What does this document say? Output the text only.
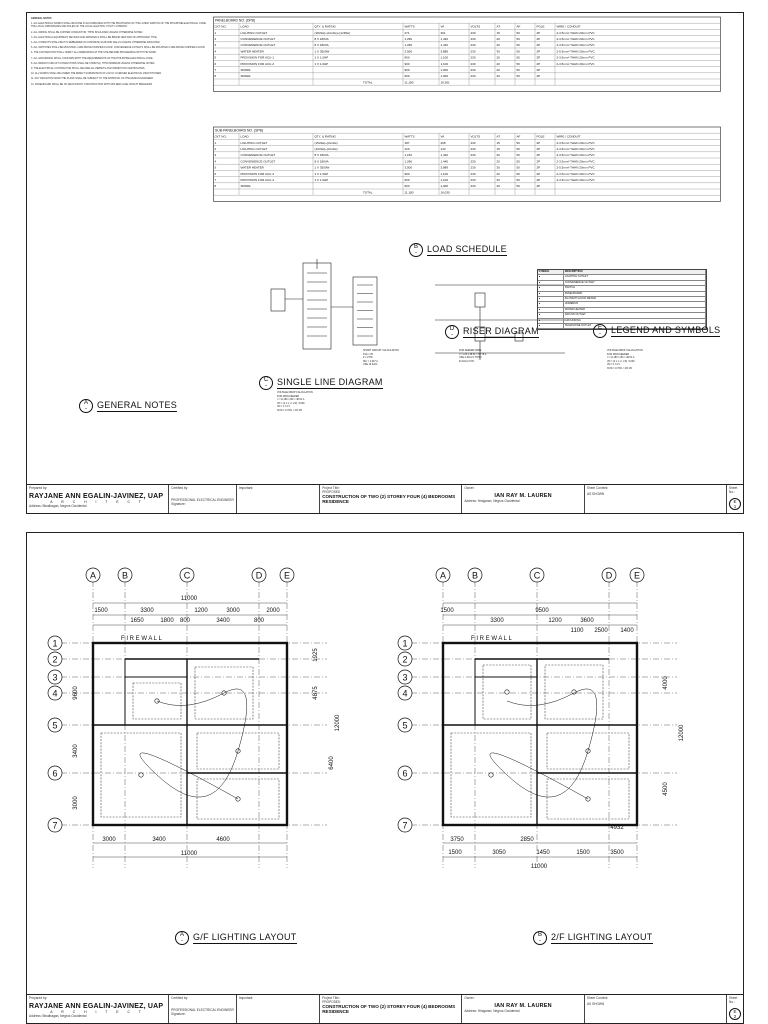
GENERAL NOTES

1. ALL ELECTRICAL WORKS SHALL BE DONE IN ACCORDANCE WITH THE PROVISIONS OF THE LATEST EDITION OF THE PHILIPPINE ELECTRICAL CODE, THE LOCAL ORDINANCES AND RULES OF THE LOCAL ELECTRIC UTILITY COMPANY.

2. ALL WIRING SHALL BE COPPER CONDUCTOR, THHN INSULATED UNLESS OTHERWISE NOTED.

3. ALL ELECTRICAL EQUIPMENT, DEVICES AND MATERIALS SHALL BE BRAND NEW AND OF APPROVED TYPE.

4. ALL CONDUITS SHALL BE PVC EMBEDDED IN CONCRETE SLAB AND WALLS UNLESS OTHERWISE INDICATED.

5. ALL SWITCHES SHALL BE MOUNTED 1.40M ABOVE FINISHED FLOOR. CONVENIENCE OUTLETS SHALL BE MOUNTED 0.30M ABOVE FINISHED FLOOR.

6. THE CONTRACTOR SHALL VERIFY ALL DIMENSIONS AT THE SITE BEFORE PROCEEDING WITH THE WORK.

7. ALL GROUNDING SHALL CONFORM WITH THE REQUIREMENTS OF THE PHILIPPINE ELECTRICAL CODE.

8. ALL BRANCH CIRCUIT CONDUCTORS SHALL BE 3.5MM SQ. THHN MINIMUM UNLESS OTHERWISE NOTED.

9. THE ELECTRICAL CONTRACTOR SHALL SECURE ALL PERMITS AND INSPECTION CERTIFICATES.

10. ALL WORKS SHALL BE UNDER THE DIRECT SUPERVISION OF A DULY LICENSED ELECTRICAL PRACTITIONER.

11. ANY DEVIATION FROM THE PLANS SHALL BE SUBJECT TO THE APPROVAL OF THE DESIGN ENGINEER.

12. PANELBOARD SHALL BE OF DEAD FRONT CONSTRUCTION WITH MOLDED CASE CIRCUIT BREAKERS.

A
- GENERAL NOTES
PANELBOARD NO. (DPB)
CKT NO.	LOAD	QTY. & RATING	WATTS	VA	VOLTS	AT	AF	POLE	WIRE / CONDUIT
1	LIGHTING OUTLET	(18x9w)+(4x13w)+(1x38w)	271	301	230	15	50	2P	2-3.5mm² THHN 20mm PVC
2	CONVENIENCE OUTLET	8 X 180VA	1,296	1,440	230	20	50	2P	2-3.5mm² THHN 20mm PVC
3	CONVENIENCE OUTLET	8 X 180VA	1,296	1,440	230	20	50	2P	2-3.5mm² THHN 20mm PVC
4	WATER HEATER	1 X 3500W	3,500	3,889	230	30	50	2P	2-5.5mm² THHN 20mm PVC
5	PROVISION FOR ACU-1	1 X 1.0HP	900	1,100	230	20	50	2P	2-3.5mm² THHN 20mm PVC
6	PROVISION FOR ACU-2	1 X 1.0HP	900	1,100	230	20	50	2P	2-3.5mm² THHN 20mm PVC
7	SPARE	900	1,000	230	20	50	2P
8	SPARE	900	1,000	230	20	50	2P
TOTAL	11,180	16,361
SUB-PANELBOARD NO. (SPB)
CKT NO.	LOAD	QTY. & RATING	WATTS	VA	VOLTS	AT	AF	POLE	WIRE / CONDUIT
1	LIGHTING OUTLET	(15x9w)+(4x13w)	187	208	230	15	50	2P	2-3.5mm² THHN 20mm PVC
2	LIGHTING OUTLET	(10x9w)+(3x13w)	129	143	230	15	50	2P	2-3.5mm² THHN 20mm PVC
3	CONVENIENCE OUTLET	8 X 180VA	1,152	1,440	230	20	50	2P	2-3.5mm² THHN 20mm PVC
4	CONVENIENCE OUTLET	8 X 180VA	1,296	1,440	230	20	50	2P	2-3.5mm² THHN 20mm PVC
5	WATER HEATER	1 X 3500W	3,500	3,889	230	30	50	2P	2-5.5mm² THHN 20mm PVC
6	PROVISION FOR ACU-3	1 X 1.0HP	900	1,100	230	20	50	2P	2-3.5mm² THHN 20mm PVC
7	PROVISION FOR ACU-4	1 X 1.0HP	900	1,100	230	20	50	2P	2-3.5mm² THHN 20mm PVC
8	SPARE	900	1,000	230	20	50	2P
TOTAL	11,180	16,030
B
- LOAD SCHEDULE
C
- SINGLE LINE DIAGRAM
D
- RISER DIAGRAM
SYMBOL	DESCRIPTION
●	LIGHTING OUTLET
●	CONVENIENCE OUTLET
●	SWITCH
●	PANELBOARD
●	KILOWATT-HOUR METER
●	HOMERUN
●	WATER HEATER
●	AIRCON OUTLET
●	GROUNDING
●	TELEPHONE OUTLET	E
- LEGEND AND SYMBOLS
VOLTAGE DROP CALCULATION
FOR MAIN FEEDER
I = 11,180 / 230 = 48.61 A
VD = (2 x L x I x R) / 1000
VD = 1.74 V
%VD = 0.76% < 2% OK
SHORT CIRCUIT CALCULATION
KVA = 25
Z = 2.5%
ISC = 4,347 A
USE 10 KAIC
FOR FEEDER WIRE
I = 1.25 x 48.61 = 60.76 A
USE 2-30mm² THHN
IN 32mm PVC
VOLTAGE DROP CALCULATION
FOR MAIN FEEDER
I = 11,180 / 230 = 48.61 A
VD = (2 x L x I x R) / 1000
VD = 1.74 V
%VD = 0.76% < 2% OK
Prepared by:
RAYJANE ANN EGALIN-JAVINEZ, UAP
A R C H I T E C T
Address: Binalbagan, Negros Occidental
Certified by:
PROFESSIONAL ELECTRICAL ENGINEER
Signature:
Important:	Project Title:
PROPOSED
CONSTRUCTION OF TWO (2) STOREY FOUR (4) BEDROOMS RESIDENCE
Owner:
IAN RAY M. LAUREN
Address: Hinigaran, Negros Occidental
Sheet Content:
AS SHOWN
Sheet No.:
E
1
A	B	C	D E
1
2
3
4
5
6
7
F I R E W A L L
11000
1500	3300	1200	3000	2000
1650	1800 800	3400	800
3000	3400	4600
11000
9600
3400
3000
4875
6400
12000
1925
A	B	C	D E
1
2
3
4
5
6
7
F I R E W A L L
1500	9500
3300	1200	3600
1100 2500 1400
4932
3750	2850
1500	3050	1450	1500	3500
11000
4000
12000
4500
A
- G/F LIGHTING LAYOUT	B
- 2/F LIGHTING LAYOUT
Prepared by:
RAYJANE ANN EGALIN-JAVINEZ, UAP
A R C H I T E C T
Address: Binalbagan, Negros Occidental
Certified by:
PROFESSIONAL ELECTRICAL ENGINEER
Signature:
Important:	Project Title:
PROPOSED
CONSTRUCTION OF TWO (2) STOREY FOUR (4) BEDROOMS RESIDENCE
Owner:
IAN RAY M. LAUREN
Address: Hinigaran, Negros Occidental
Sheet Content:
AS SHOWN
Sheet No.:
E
2
